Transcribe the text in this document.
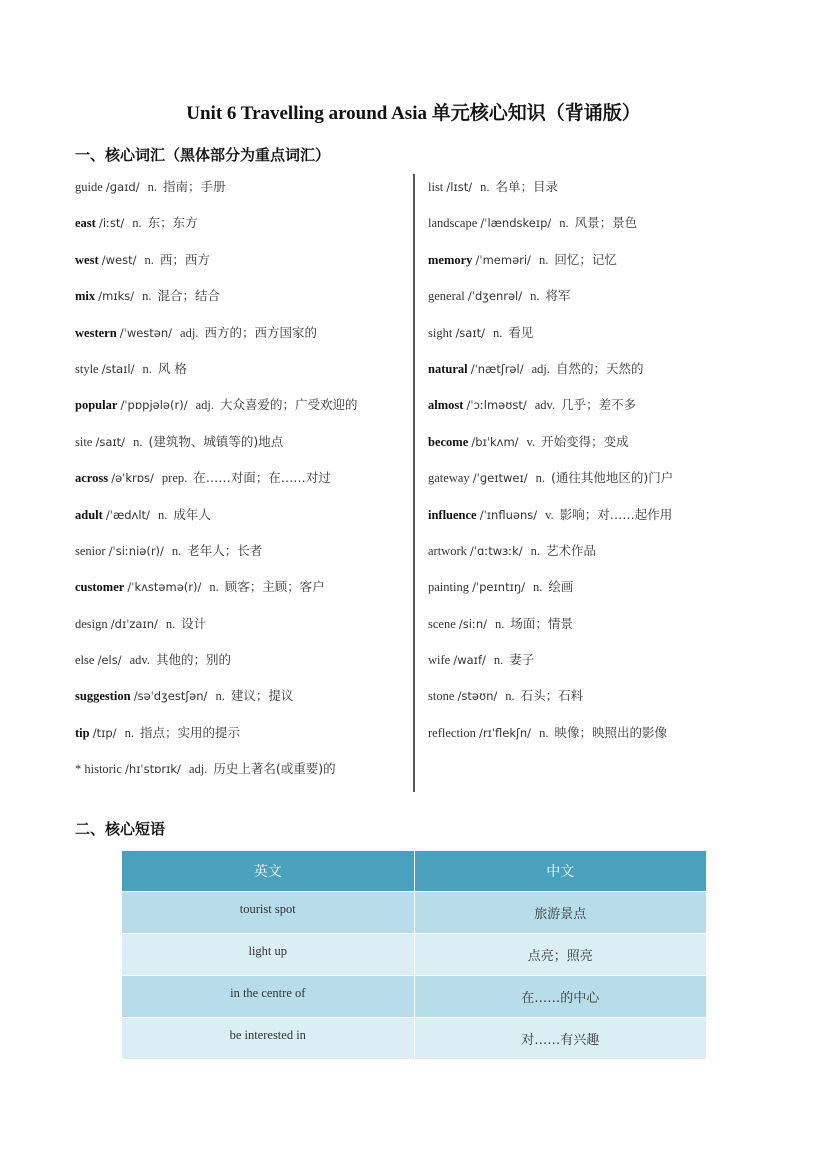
Unit 6 Travelling around Asia 单元核心知识（背诵版）
一、核心词汇（黑体部分为重点词汇）
guide /ɡaɪd/ n. 指南；手册
east /iːst/ n. 东；东方
west /west/ n. 西；西方
mix /mɪks/ n. 混合；结合
western /ˈwestən/ adj. 西方的；西方国家的
style /staɪl/ n. 风 格
popular /ˈpɒpjələ(r)/ adj. 大众喜爱的；广受欢迎的
site /saɪt/ n. (建筑物、城镇等的)地点
across /əˈkrɒs/ prep. 在……对面；在……对过
adult /ˈædʌlt/ n. 成年人
senior /ˈsiːniə(r)/ n. 老年人；长者
customer /ˈkʌstəmə(r)/ n. 顾客；主顾；客户
design /dɪˈzaɪn/ n. 设计
else /els/ adv. 其他的；别的
suggestion /səˈdʒestʃən/ n. 建议；提议
tip /tɪp/ n. 指点；实用的提示
* historic /hɪˈstɒrɪk/ adj. 历史上著名(或重要)的
list /lɪst/ n. 名单；目录
landscape /ˈlændskeɪp/ n. 风景；景色
memory /ˈmeməri/ n. 回忆；记忆
general /ˈdʒenrəl/ n. 将军
sight /saɪt/ n. 看见
natural /ˈnætʃrəl/ adj. 自然的；天然的
almost /ˈɔːlməʊst/ adv. 几乎；差不多
become /bɪˈkʌm/ v. 开始变得；变成
gateway /ˈɡeɪtweɪ/ n. (通往其他地区的)门户
influence /ˈɪnfluəns/ v. 影响；对……起作用
artwork /ˈɑːtwɜːk/ n. 艺术作品
painting /ˈpeɪntɪŋ/ n. 绘画
scene /siːn/ n. 场面；情景
wife /waɪf/ n. 妻子
stone /stəʊn/ n. 石头；石料
reflection /rɪˈflekʃn/ n. 映像；映照出的影像
二、核心短语
英文	中文
tourist spot	旅游景点
light up	点亮；照亮
in the centre of	在……的中心
be interested in	对……有兴趣
